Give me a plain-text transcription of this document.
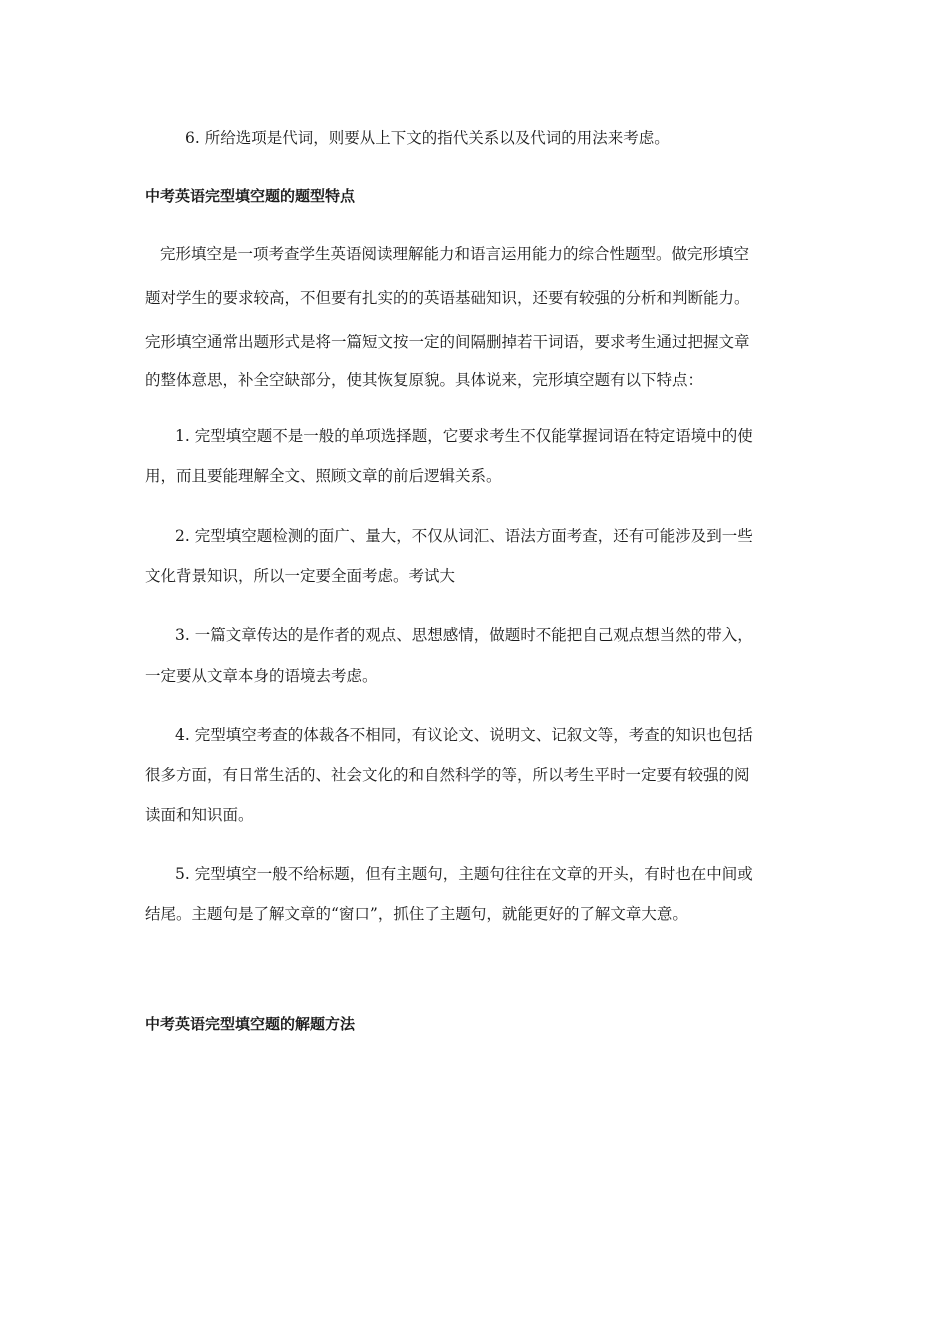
6. 所给选项是代词，则要从上下文的指代关系以及代词的用法来考虑。
中考英语完型填空题的题型特点
完形填空是一项考查学生英语阅读理解能力和语言运用能力的综合性题型。做完形填空
题对学生的要求较高，不但要有扎实的的英语基础知识，还要有较强的分析和判断能力。
完形填空通常出题形式是将一篇短文按一定的间隔删掉若干词语，要求考生通过把握文章
的整体意思，补全空缺部分，使其恢复原貌。具体说来，完形填空题有以下特点：
1. 完型填空题不是一般的单项选择题，它要求考生不仅能掌握词语在特定语境中的使
用，而且要能理解全文、照顾文章的前后逻辑关系。
2. 完型填空题检测的面广、量大，不仅从词汇、语法方面考查，还有可能涉及到一些
文化背景知识，所以一定要全面考虑。考试大
3. 一篇文章传达的是作者的观点、思想感情，做题时不能把自己观点想当然的带入，
一定要从文章本身的语境去考虑。
4. 完型填空考查的体裁各不相同，有议论文、说明文、记叙文等，考查的知识也包括
很多方面，有日常生活的、社会文化的和自然科学的等，所以考生平时一定要有较强的阅
读面和知识面。
5. 完型填空一般不给标题，但有主题句，主题句往往在文章的开头，有时也在中间或
结尾。主题句是了解文章的“窗口”，抓住了主题句，就能更好的了解文章大意。
中考英语完型填空题的解题方法
